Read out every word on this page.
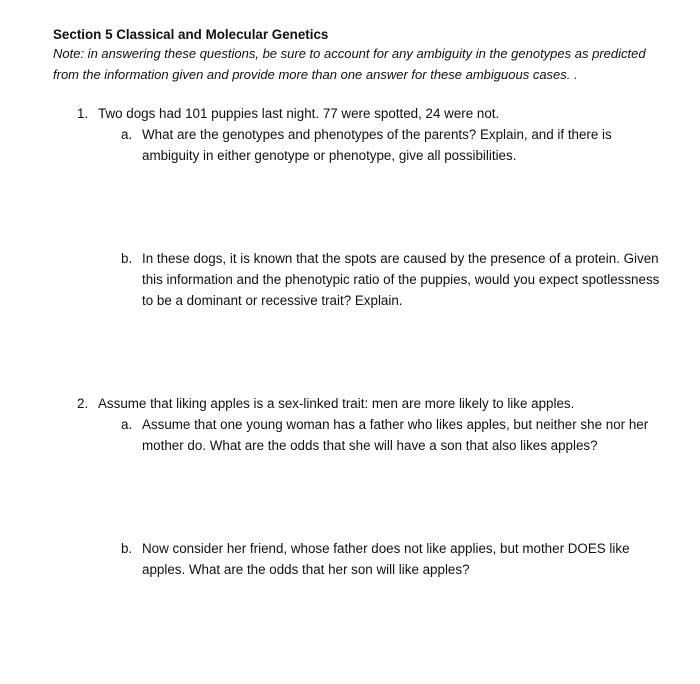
Section 5 Classical and Molecular Genetics
Note: in answering these questions, be sure to account for any ambiguity in the genotypes as predicted from the information given and provide more than one answer for these ambiguous cases. .
1. Two dogs had 101 puppies last night. 77 were spotted, 24 were not.
a. What are the genotypes and phenotypes of the parents? Explain, and if there is ambiguity in either genotype or phenotype, give all possibilities.
b. In these dogs, it is known that the spots are caused by the presence of a protein. Given this information and the phenotypic ratio of the puppies, would you expect spotlessness to be a dominant or recessive trait? Explain.
2. Assume that liking apples is a sex-linked trait: men are more likely to like apples.
a. Assume that one young woman has a father who likes apples, but neither she nor her mother do. What are the odds that she will have a son that also likes apples?
b. Now consider her friend, whose father does not like applies, but mother DOES like apples. What are the odds that her son will like apples?
